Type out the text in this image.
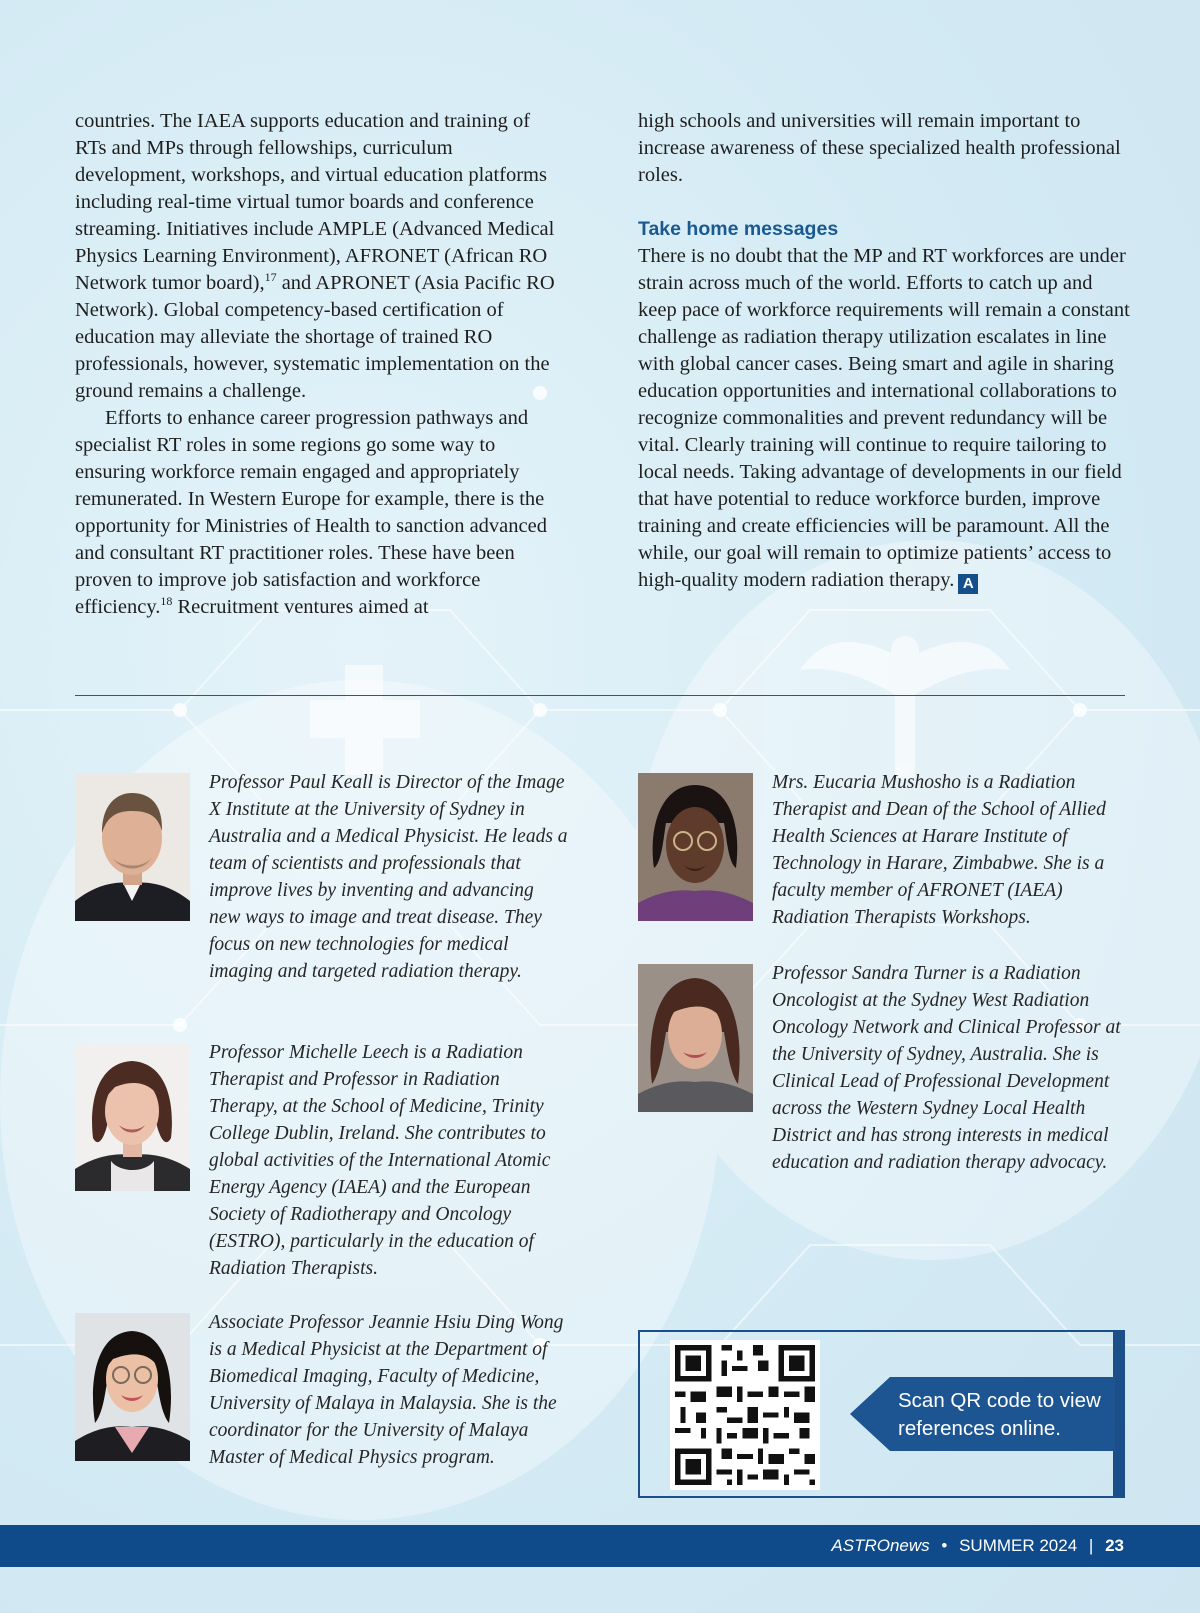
countries. The IAEA supports education and training of RTs and MPs through fellowships, curriculum development, workshops, and virtual education platforms including real-time virtual tumor boards and conference streaming. Initiatives include AMPLE (Advanced Medical Physics Learning Environment), AFRONET (African RO Network tumor board),$^{17}$ and APRONET (Asia Pacific RO Network). Global competency-based certification of education may alleviate the shortage of trained RO professionals, however, systematic implementation on the ground remains a challenge.

Efforts to enhance career progression pathways and specialist RT roles in some regions go some way to ensuring workforce remain engaged and appropriately remunerated. In Western Europe for example, there is the opportunity for Ministries of Health to sanction advanced and consultant RT practitioner roles. These have been proven to improve job satisfaction and workforce efficiency.$^{18}$ Recruitment ventures aimed at

high schools and universities will remain important to increase awareness of these specialized health professional roles.

Take home messages

There is no doubt that the MP and RT workforces are under strain across much of the world. Efforts to catch up and keep pace of workforce requirements will remain a constant challenge as radiation therapy utilization escalates in line with global cancer cases. Being smart and agile in sharing education opportunities and international collaborations to recognize commonalities and prevent redundancy will be vital. Clearly training will continue to require tailoring to local needs. Taking advantage of developments in our field that have potential to reduce workforce burden, improve training and create efficiencies will be paramount. All the while, our goal will remain to optimize patients’ access to high-quality modern radiation therapy. A

Professor Paul Keall is Director of the Image X Institute at the University of Sydney in Australia and a Medical Physicist. He leads a team of scientists and professionals that improve lives by inventing and advancing new ways to image and treat disease. They focus on new technologies for medical imaging and targeted radiation therapy.
Professor Michelle Leech is a Radiation Therapist and Professor in Radiation Therapy, at the School of Medicine, Trinity College Dublin, Ireland. She contributes to global activities of the International Atomic Energy Agency (IAEA) and the European Society of Radiotherapy and Oncology (ESTRO), particularly in the education of Radiation Therapists.
Associate Professor Jeannie Hsiu Ding Wong is a Medical Physicist at the Department of Biomedical Imaging, Faculty of Medicine, University of Malaya in Malaysia. She is the coordinator for the University of Malaya Master of Medical Physics program.
Mrs. Eucaria Mushosho is a Radiation Therapist and Dean of the School of Allied Health Sciences at Harare Institute of Technology in Harare, Zimbabwe. She is a faculty member of AFRONET (IAEA) Radiation Therapists Workshops.
Professor Sandra Turner is a Radiation Oncologist at the Sydney West Radiation Oncology Network and Clinical Professor at the University of Sydney, Australia. She is Clinical Lead of Professional Development across the Western Sydney Local Health District and has strong interests in medical education and radiation therapy advocacy.
Scan QR code to view references online.
ASTROnews • SUMMER 2024 | 23
